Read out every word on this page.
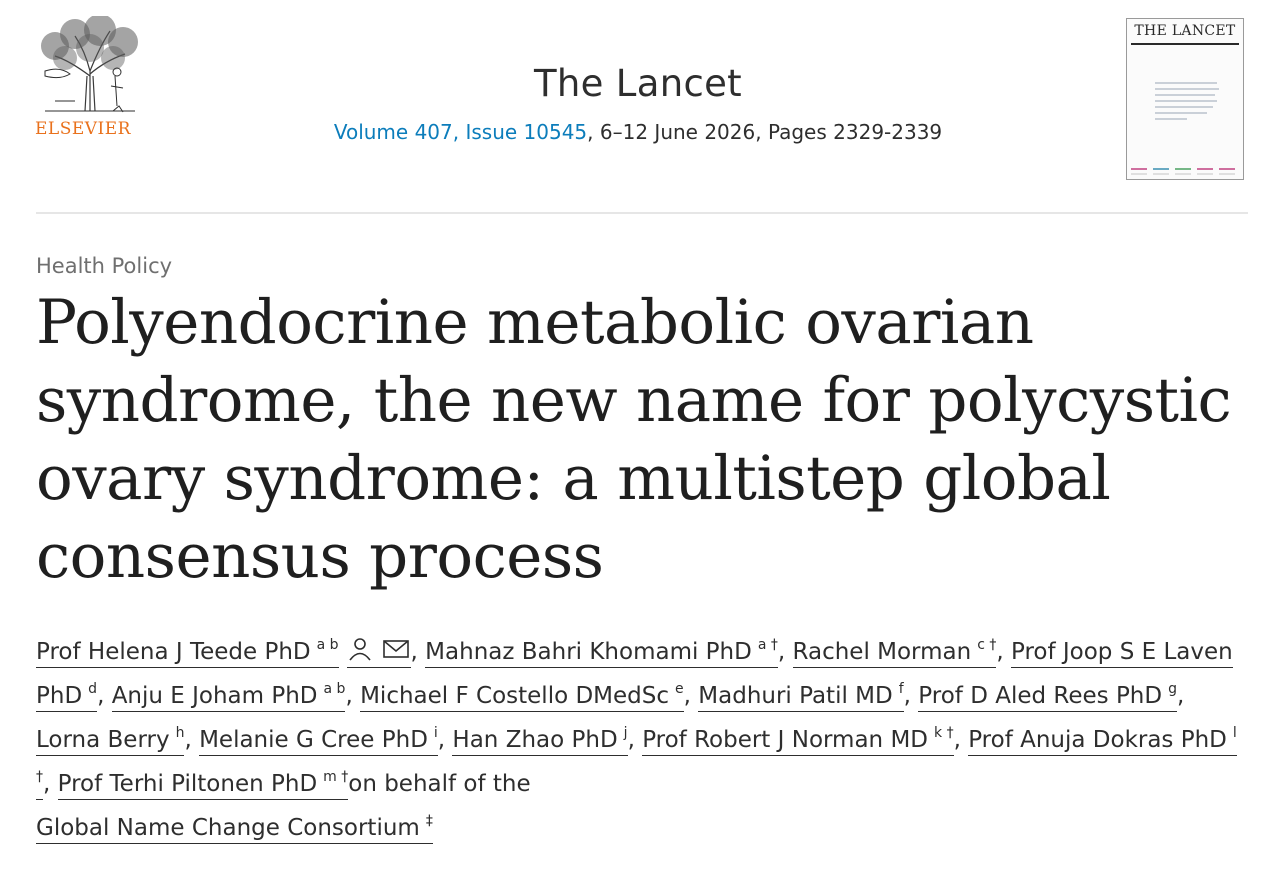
ELSEVIER
The Lancet
Volume 407, Issue 10545, 6–12 June 2026, Pages 2329-2339
THE LANCET
Health Policy
Polyendocrine metabolic ovarian syndrome, the new name for polycystic ovary syndrome: a multistep global consensus process
Prof Helena J Teede PhD $^{a b}$	, Mahnaz Bahri Khomami PhD $^{a \dagger}$, Rachel Morman $^{c \dagger}$, Prof Joop S E Laven PhD $^d$, Anju E Joham PhD $^{a b}$, Michael F Costello DMedSc $^e$, Madhuri Patil MD $^f$, Prof D Aled Rees PhD $^g$, Lorna Berry $^h$, Melanie G Cree PhD $^i$, Han Zhao PhD $^j$, Prof Robert J Norman MD $^{k \dagger}$, Prof Anuja Dokras PhD $^{l \dagger}$, Prof Terhi Piltonen PhD $^{m \dagger}$on behalf of the
Global Name Change Consortium ‡
